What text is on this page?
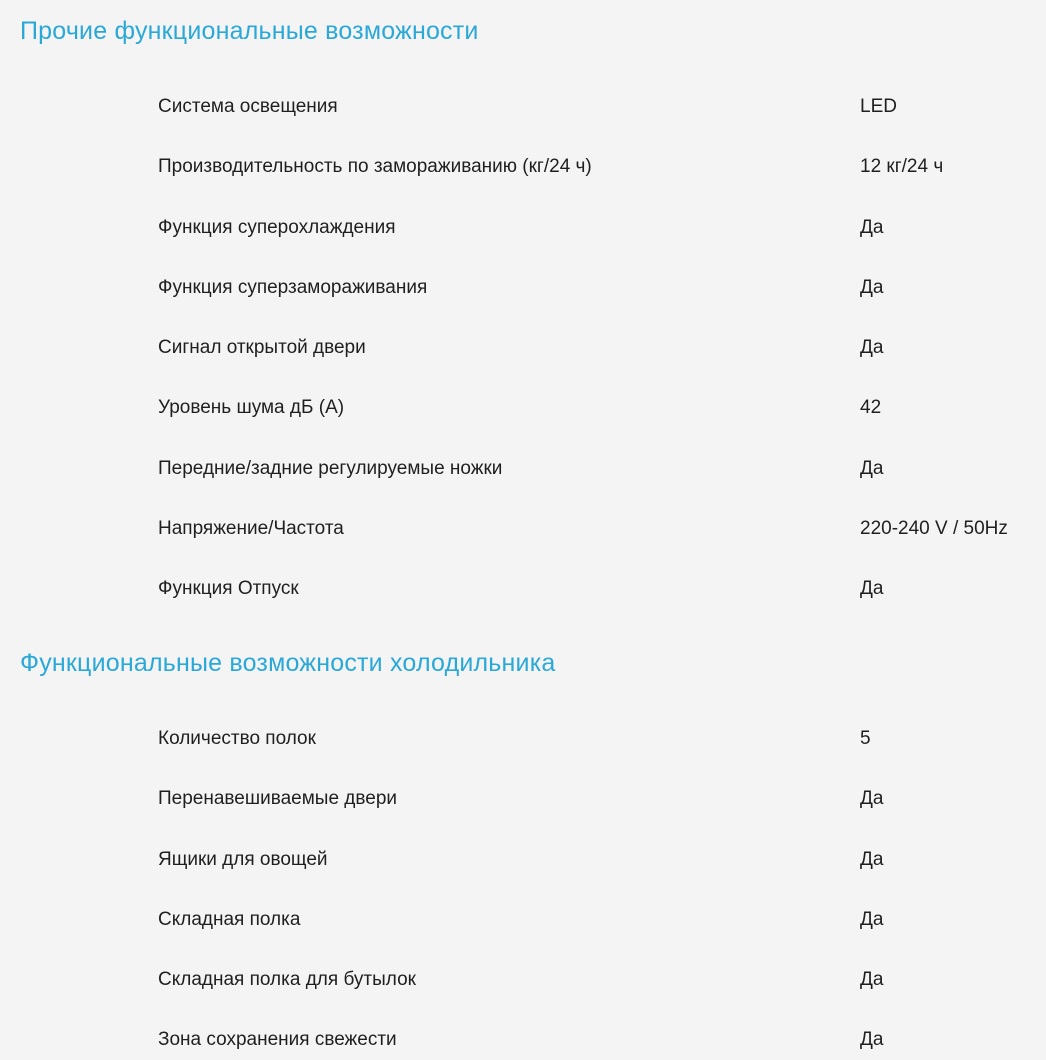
Прочие функциональные возможности
Система освещения	LED
Производительность по замораживанию (кг/24 ч)	12 кг/24 ч
Функция суперохлаждения	Да
Функция суперзамораживания	Да
Сигнал открытой двери	Да
Уровень шума дБ (A)	42
Передние/задние регулируемые ножки	Да
Напряжение/Частота	220-240 V / 50Hz
Функция Отпуск	Да
Функциональные возможности холодильника
Количество полок	5
Перенавешиваемые двери	Да
Ящики для овощей	Да
Складная полка	Да
Складная полка для бутылок	Да
Зона сохранения свежести	Да
